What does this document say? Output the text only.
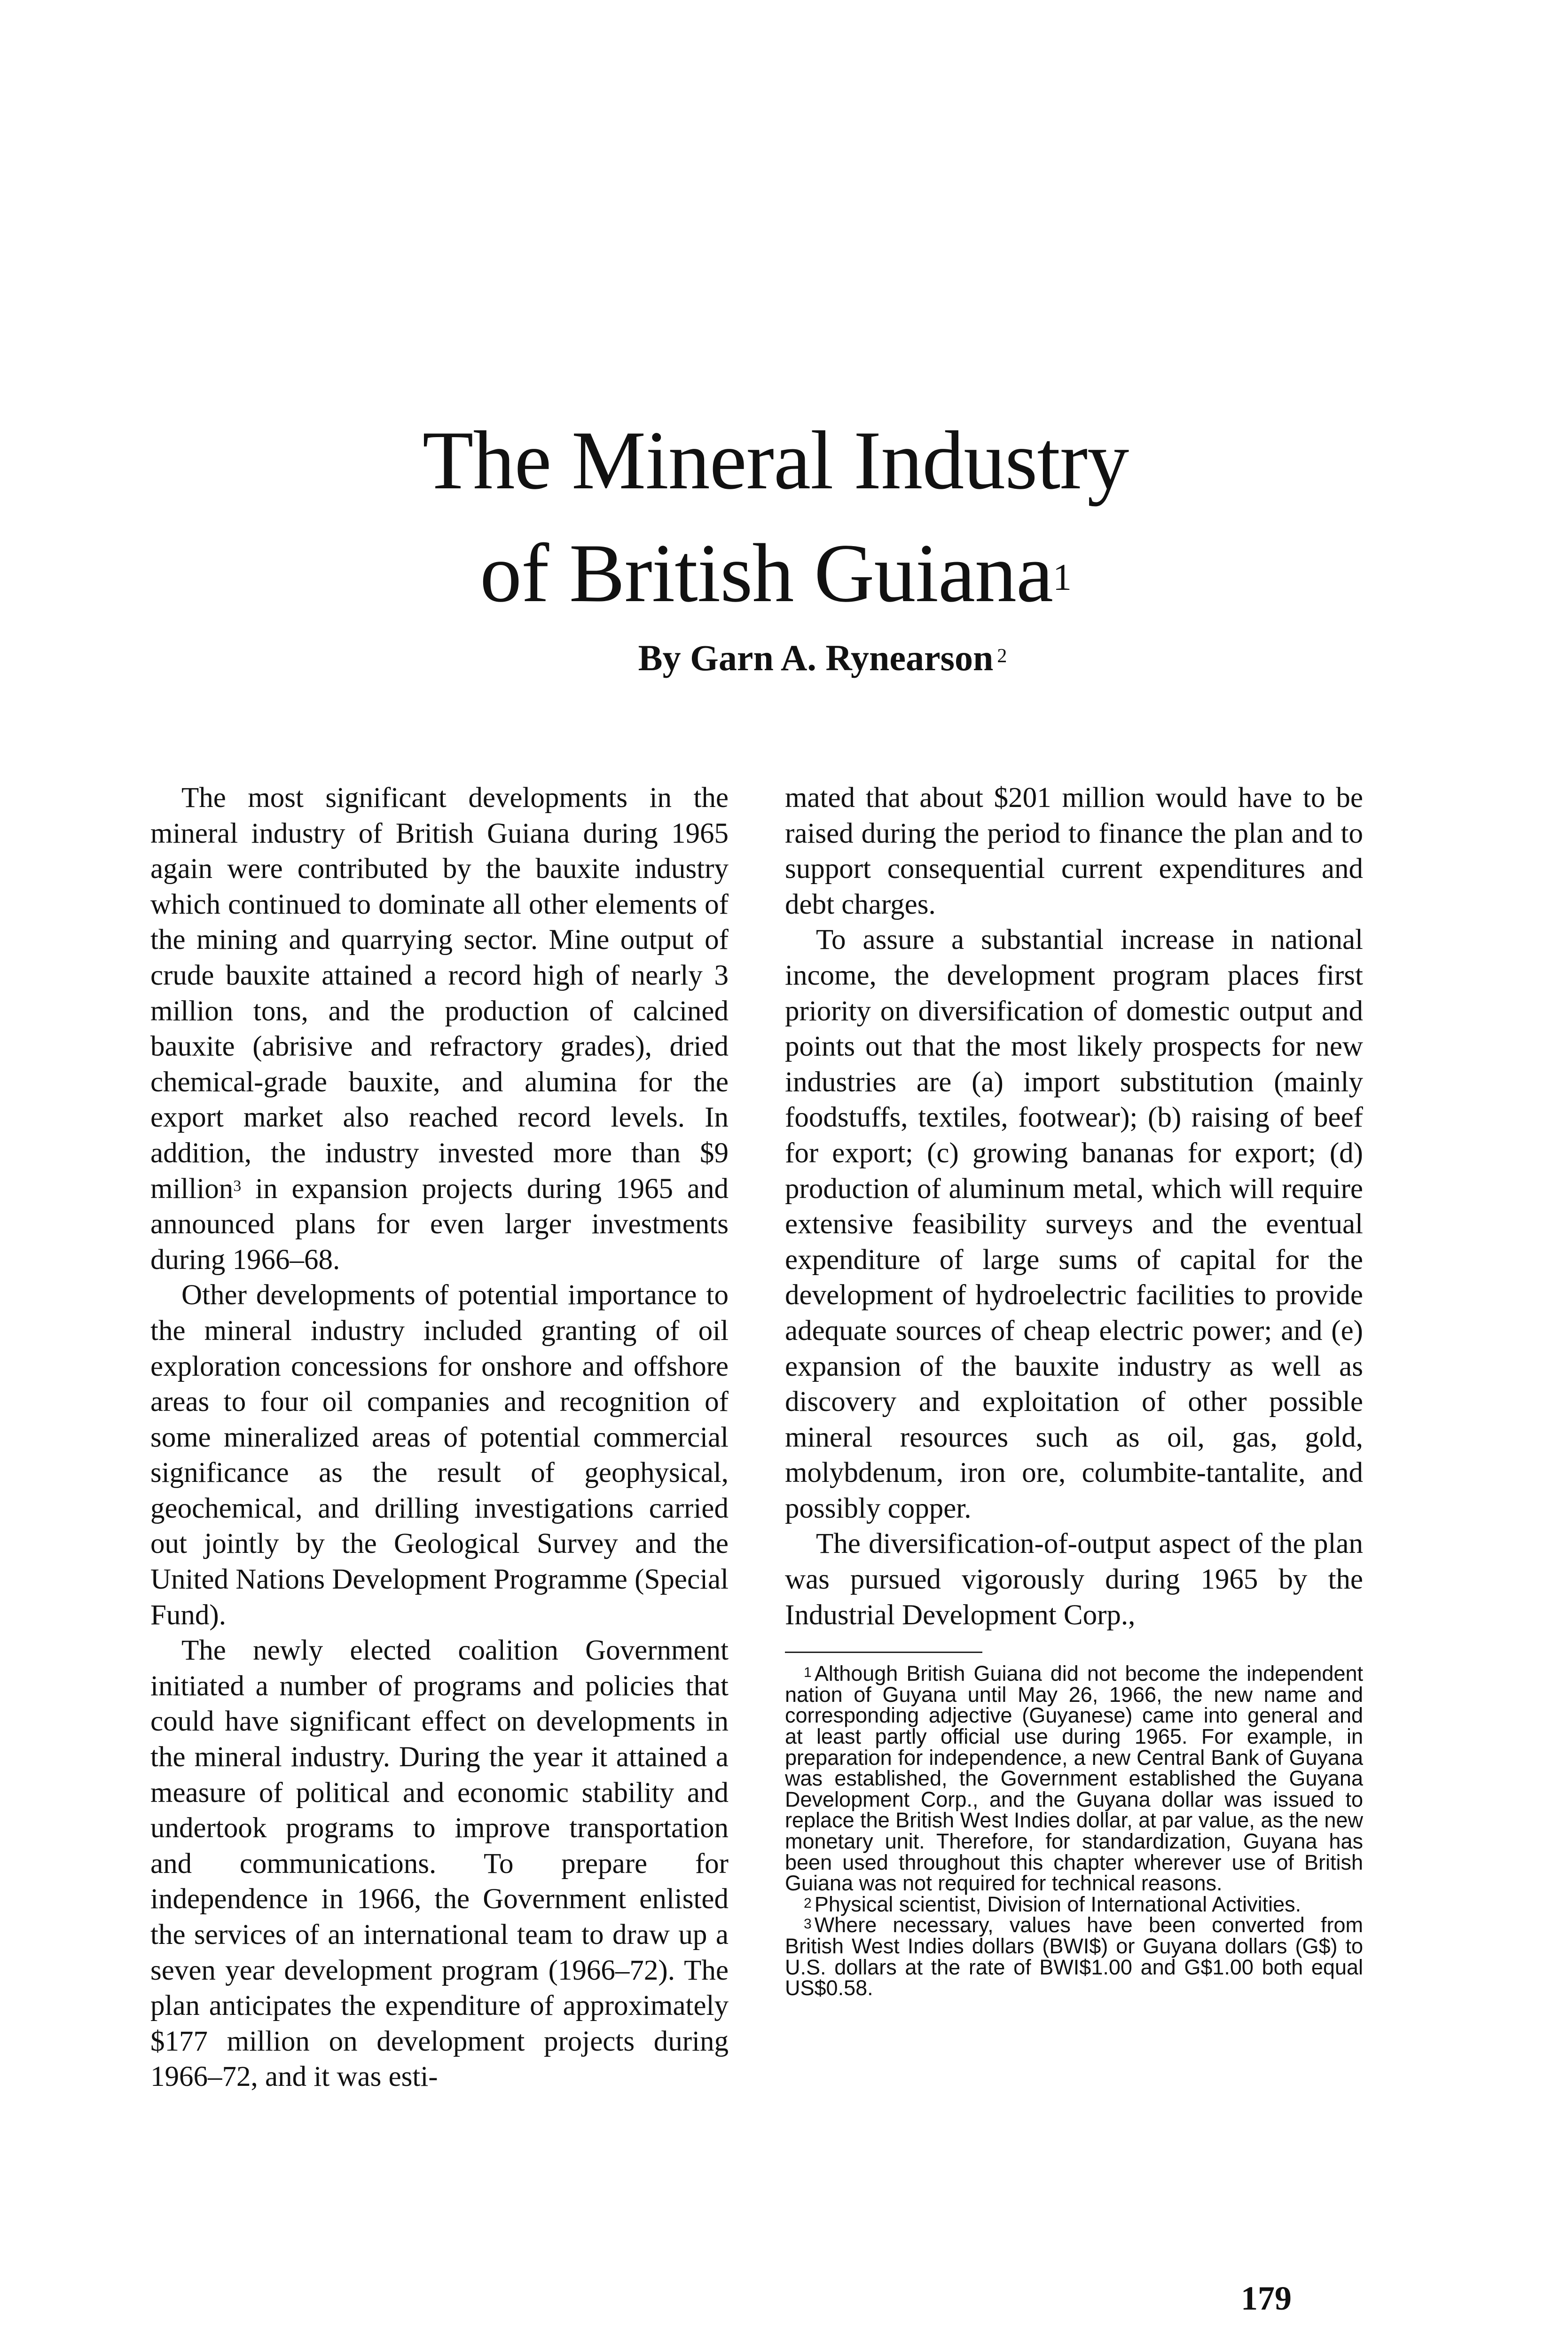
The Mineral Industry
of British Guiana$^1$
By Garn A. Rynearson $^2$

The most significant developments in the mineral industry of British Guiana during 1965 again were contributed by the bauxite industry which continued to dominate all other elements of the mining and quarrying sector. Mine output of crude bauxite attained a record high of nearly 3 million tons, and the production of calcined bauxite (abrisive and refractory grades), dried chemical-grade bauxite, and alumina for the export market also reached record levels. In addition, the industry invested more than $9 million$^3$ in expansion projects during 1965 and announced plans for even larger investments during 1966–68.

Other developments of potential importance to the mineral industry included granting of oil exploration concessions for onshore and offshore areas to four oil companies and recognition of some mineralized areas of potential commercial significance as the result of geophysical, geochemical, and drilling investigations carried out jointly by the Geological Survey and the United Nations Development Programme (Special Fund).

The newly elected coalition Government initiated a number of programs and policies that could have significant effect on developments in the mineral industry. During the year it attained a measure of political and economic stability and undertook programs to improve transportation and communications. To prepare for independence in 1966, the Government enlisted the services of an international team to draw up a seven year development program (1966–72). The plan anticipates the expenditure of approximately $177 million on development projects during 1966–72, and it was esti-

mated that about $201 million would have to be raised during the period to finance the plan and to support consequential current expenditures and debt charges.

To assure a substantial increase in national income, the development program places first priority on diversification of domestic output and points out that the most likely prospects for new industries are (a) import substitution (mainly foodstuffs, textiles, footwear); (b) raising of beef for export; (c) growing bananas for export; (d) production of aluminum metal, which will require extensive feasibility surveys and the eventual expenditure of large sums of capital for the development of hydroelectric facilities to provide adequate sources of cheap electric power; and (e) expansion of the bauxite industry as well as discovery and exploitation of other possible mineral resources such as oil, gas, gold, molybdenum, iron ore, columbite-tantalite, and possibly copper.

The diversification-of-output aspect of the plan was pursued vigorously during 1965 by the Industrial Development Corp.,

$^1$ Although British Guiana did not become the independent nation of Guyana until May 26, 1966, the new name and corresponding adjective (Guyanese) came into general and at least partly official use during 1965. For example, in preparation for independence, a new Central Bank of Guyana was established, the Government established the Guyana Development Corp., and the Guyana dollar was issued to replace the British West Indies dollar, at par value, as the new monetary unit. Therefore, for standardization, Guyana has been used throughout this chapter wherever use of British Guiana was not required for technical reasons.

$^2$ Physical scientist, Division of International Activities.

$^3$ Where necessary, values have been converted from British West Indies dollars (BWI$) or Guyana dollars (G$) to U.S. dollars at the rate of BWI$1.00 and G$1.00 both equal US$0.58.

179
